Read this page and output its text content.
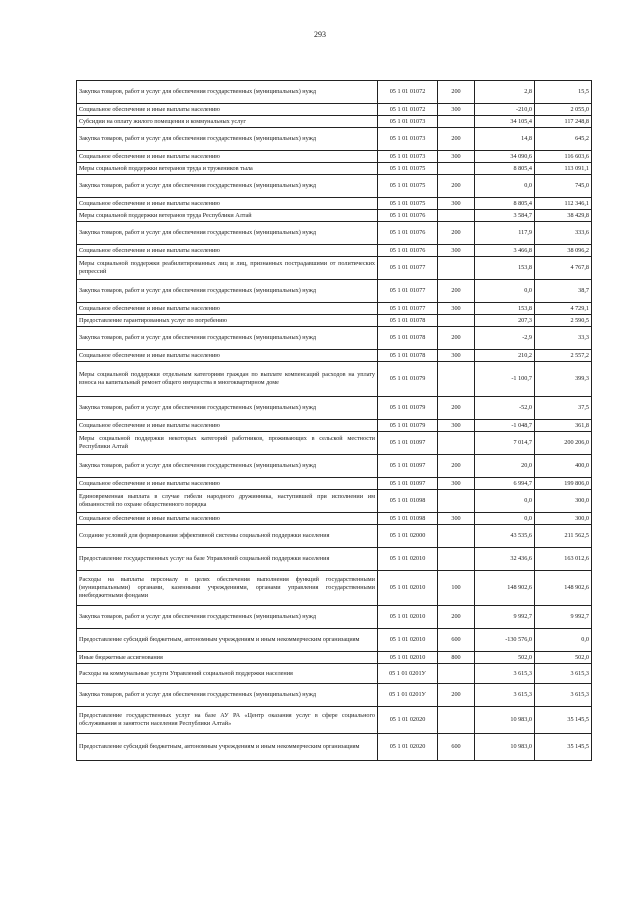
293
Закупка товаров, работ и услуг для обеспечения государственных (муниципальных) нужд	05 1 01 01072	200	2,8	15,5
Социальное обеспечение и иные выплаты населению	05 1 01 01072	300	-210,0	2 055,0
Субсидии на оплату жилого помещения и коммунальных услуг	05 1 01 01073		34 105,4	117 248,8
Закупка товаров, работ и услуг для обеспечения государственных (муниципальных) нужд	05 1 01 01073	200	14,8	645,2
Социальное обеспечение и иные выплаты населению	05 1 01 01073	300	34 090,6	116 603,6
Меры социальной поддержки ветеранов труда и тружеников тыла	05 1 01 01075		8 805,4	113 091,1
Закупка товаров, работ и услуг для обеспечения государственных (муниципальных) нужд	05 1 01 01075	200	0,0	745,0
Социальное обеспечение и иные выплаты населению	05 1 01 01075	300	8 805,4	112 346,1
Меры социальной поддержки ветеранов труда Республики Алтай	05 1 01 01076		3 584,7	38 429,8
Закупка товаров, работ и услуг для обеспечения государственных (муниципальных) нужд	05 1 01 01076	200	117,9	333,6
Социальное обеспечение и иные выплаты населению	05 1 01 01076	300	3 466,8	38 096,2
Меры социальной поддержки реабилитированных лиц и лиц, признанных пострадавшими от политических репрессий	05 1 01 01077		153,8	4 767,8
Закупка товаров, работ и услуг для обеспечения государственных (муниципальных) нужд	05 1 01 01077	200	0,0	38,7
Социальное обеспечение и иные выплаты населению	05 1 01 01077	300	153,8	4 729,1
Предоставление гарантированных услуг по погребению	05 1 01 01078		207,3	2 590,5
Закупка товаров, работ и услуг для обеспечения государственных (муниципальных) нужд	05 1 01 01078	200	-2,9	33,3
Социальное обеспечение и иные выплаты населению	05 1 01 01078	300	210,2	2 557,2
Меры социальной поддержки отдельным категориям граждан по выплате компенсаций расходов на уплату взноса на капитальный ремонт общего имущества в многоквартирном доме	05 1 01 01079		-1 100,7	399,3
Закупка товаров, работ и услуг для обеспечения государственных (муниципальных) нужд	05 1 01 01079	200	-52,0	37,5
Социальное обеспечение и иные выплаты населению	05 1 01 01079	300	-1 048,7	361,8
Меры социальной поддержки некоторых категорий работников, проживающих в сельской местности Республики Алтай	05 1 01 01097		7 014,7	200 206,0
Закупка товаров, работ и услуг для обеспечения государственных (муниципальных) нужд	05 1 01 01097	200	20,0	400,0
Социальное обеспечение и иные выплаты населению	05 1 01 01097	300	6 994,7	199 806,0
Единовременная выплата в случае гибели народного дружинника, наступившей при исполнении им обязанностей по охране общественного порядка	05 1 01 01098		0,0	300,0
Социальное обеспечение и иные выплаты населению	05 1 01 01098	300	0,0	300,0
Создание условий для формирования эффективной системы социальной поддержки населения	05 1 01 02000		43 535,6	211 562,5
Предоставление государственных услуг на базе Управлений социальной поддержки населения	05 1 01 02010		32 436,6	163 012,6
Расходы на выплаты персоналу в целях обеспечения выполнения функций государственными (муниципальными) органами, казенными учреждениями, органами управления государственными внебюджетными фондами	05 1 01 02010	100	148 902,6	148 902,6
Закупка товаров, работ и услуг для обеспечения государственных (муниципальных) нужд	05 1 01 02010	200	9 992,7	9 992,7
Предоставление субсидий бюджетным, автономным учреждениям и иным некоммерческим организациям	05 1 01 02010	600	-130 576,0	0,0
Иные бюджетные ассигнования	05 1 01 02010	800	502,0	502,0
Расходы на коммунальные услуги Управлений социальной поддержки населения	05 1 01 0201У		3 615,3	3 615,3
Закупка товаров, работ и услуг для обеспечения государственных (муниципальных) нужд	05 1 01 0201У	200	3 615,3	3 615,3
Предоставление государственных услуг на базе АУ РА «Центр оказания услуг в сфере социального обслуживания и занятости населения Республики Алтай»	05 1 01 02020		10 983,0	35 145,5
Предоставление субсидий бюджетным, автономным учреждениям и иным некоммерческим организациям	05 1 01 02020	600	10 983,0	35 145,5
